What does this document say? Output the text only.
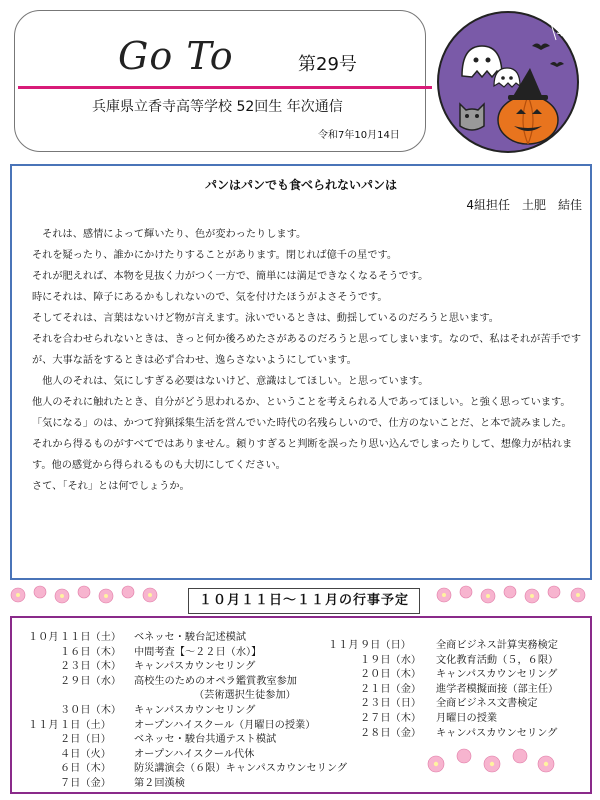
Go To	第29号
兵庫県立香寺高等学校 52回生 年次通信
令和7年10月14日
パンはパンでも食べられないパンは
4組担任　土肥　結佳

　それは、感情によって輝いたり、色が変わったりします。

それを疑ったり、誰かにかけたりすることがあります。閉じれば億千の星です。

それが肥えれば、本物を見抜く力がつく一方で、簡単には満足できなくなるそうです。

時にそれは、障子にあるかもしれないので、気を付けたほうがよさそうです。

そしてそれは、言葉はないけど物が言えます。泳いでいるときは、動揺しているのだろうと思います。

それを合わせられないときは、きっと何か後ろめたさがあるのだろうと思ってしまいます。なので、私はそれが苦手ですが、大事な話をするときは必ず合わせ、逸らさないようにしています。

　他人のそれは、気にしすぎる必要はないけど、意識はしてほしい。と思っています。

他人のそれに触れたとき、自分がどう思われるか、ということを考えられる人であってほしい。と強く思っています。

「気になる」のは、かつて狩猟採集生活を営んでいた時代の名残らしいので、仕方のないことだ、と本で読みました。

それから得るものがすべてではありません。頼りすぎると判断を誤ったり思い込んでしまったりして、想像力が枯れます。他の感覚から得られるものも大切にしてください。

さて、「それ」とは何でしょうか。

１０月１１日～１１月の行事予定
１０月 １１日（土） ベネッセ・駿台記述模試
１６日（木） 中間考査【～２２日（水）】
２３日（木） キャンパスカウンセリング
２９日（水） 高校生のためのオペラ鑑賞教室参加
（芸術選択生徒参加）
３０日（木） キャンパスカウンセリング
１１月 １日（土） オープンハイスクール（月曜日の授業）
２日（日） ベネッセ・駿台共通テスト模試
４日（火） オープンハイスクール代休
６日（木） 防災講演会（６限）キャンパスカウンセリング
７日（金） 第２回漢検
１１月 ９日（日） 全商ビジネス計算実務検定
１９日（水） 文化教育活動（５，６限）
２０日（木） キャンパスカウンセリング
２１日（金） 進学者模擬面接（部主任）
２３日（日） 全商ビジネス文書検定
２７日（木） 月曜日の授業
２８日（金） キャンパスカウンセリング
